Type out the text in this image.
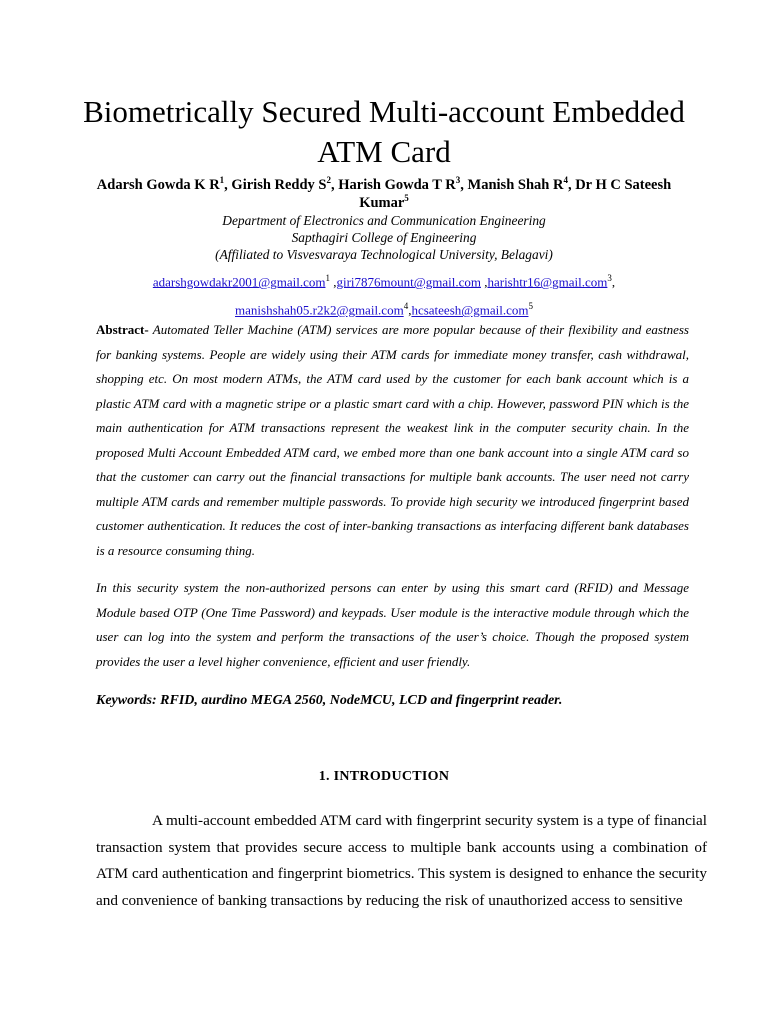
Biometrically Secured Multi-account Embedded ATM Card
Adarsh Gowda K $R^1$, Girish Reddy $S^2$, Harish Gowda T $R^3$, Manish Shah $R^4$, Dr H C Sateesh Kumar$^5$
Department of Electronics and Communication Engineering
Sapthagiri College of Engineering
(Affiliated to Visvesvaraya Technological University, Belagavi)
adarshgowdakr2001@gmail.com$^1$ ,giri7876mount@gmail.com ,harishtr16@gmail.com$^3$,
manishshah05.r2k2@gmail.com$^4$,hcsateesh@gmail.com$^5$

Abstract- Automated Teller Machine (ATM) services are more popular because of their flexibility and eastness for banking systems. People are widely using their ATM cards for immediate money transfer, cash withdrawal, shopping etc. On most modern ATMs, the ATM card used by the customer for each bank account which is a plastic ATM card with a magnetic stripe or a plastic smart card with a chip. However, password PIN which is the main authentication for ATM transactions represent the weakest link in the computer security chain. In the proposed Multi Account Embedded ATM card, we embed more than one bank account into a single ATM card so that the customer can carry out the financial transactions for multiple bank accounts. The user need not carry multiple ATM cards and remember multiple passwords. To provide high security we introduced fingerprint based customer authentication. It reduces the cost of inter-banking transactions as interfacing different bank databases is a resource consuming thing.

In this security system the non-authorized persons can enter by using this smart card (RFID) and Message Module based OTP (One Time Password) and keypads. User module is the interactive module through which the user can log into the system and perform the transactions of the user’s choice. Though the proposed system provides the user a level higher convenience, efficient and user friendly.

Keywords: RFID, aurdino MEGA 2560, NodeMCU, LCD and fingerprint reader.

1. INTRODUCTION

A multi-account embedded ATM card with fingerprint security system is a type of financial transaction system that provides secure access to multiple bank accounts using a combination of ATM card authentication and fingerprint biometrics. This system is designed to enhance the security and convenience of banking transactions by reducing the risk of unauthorized access to sensitive
